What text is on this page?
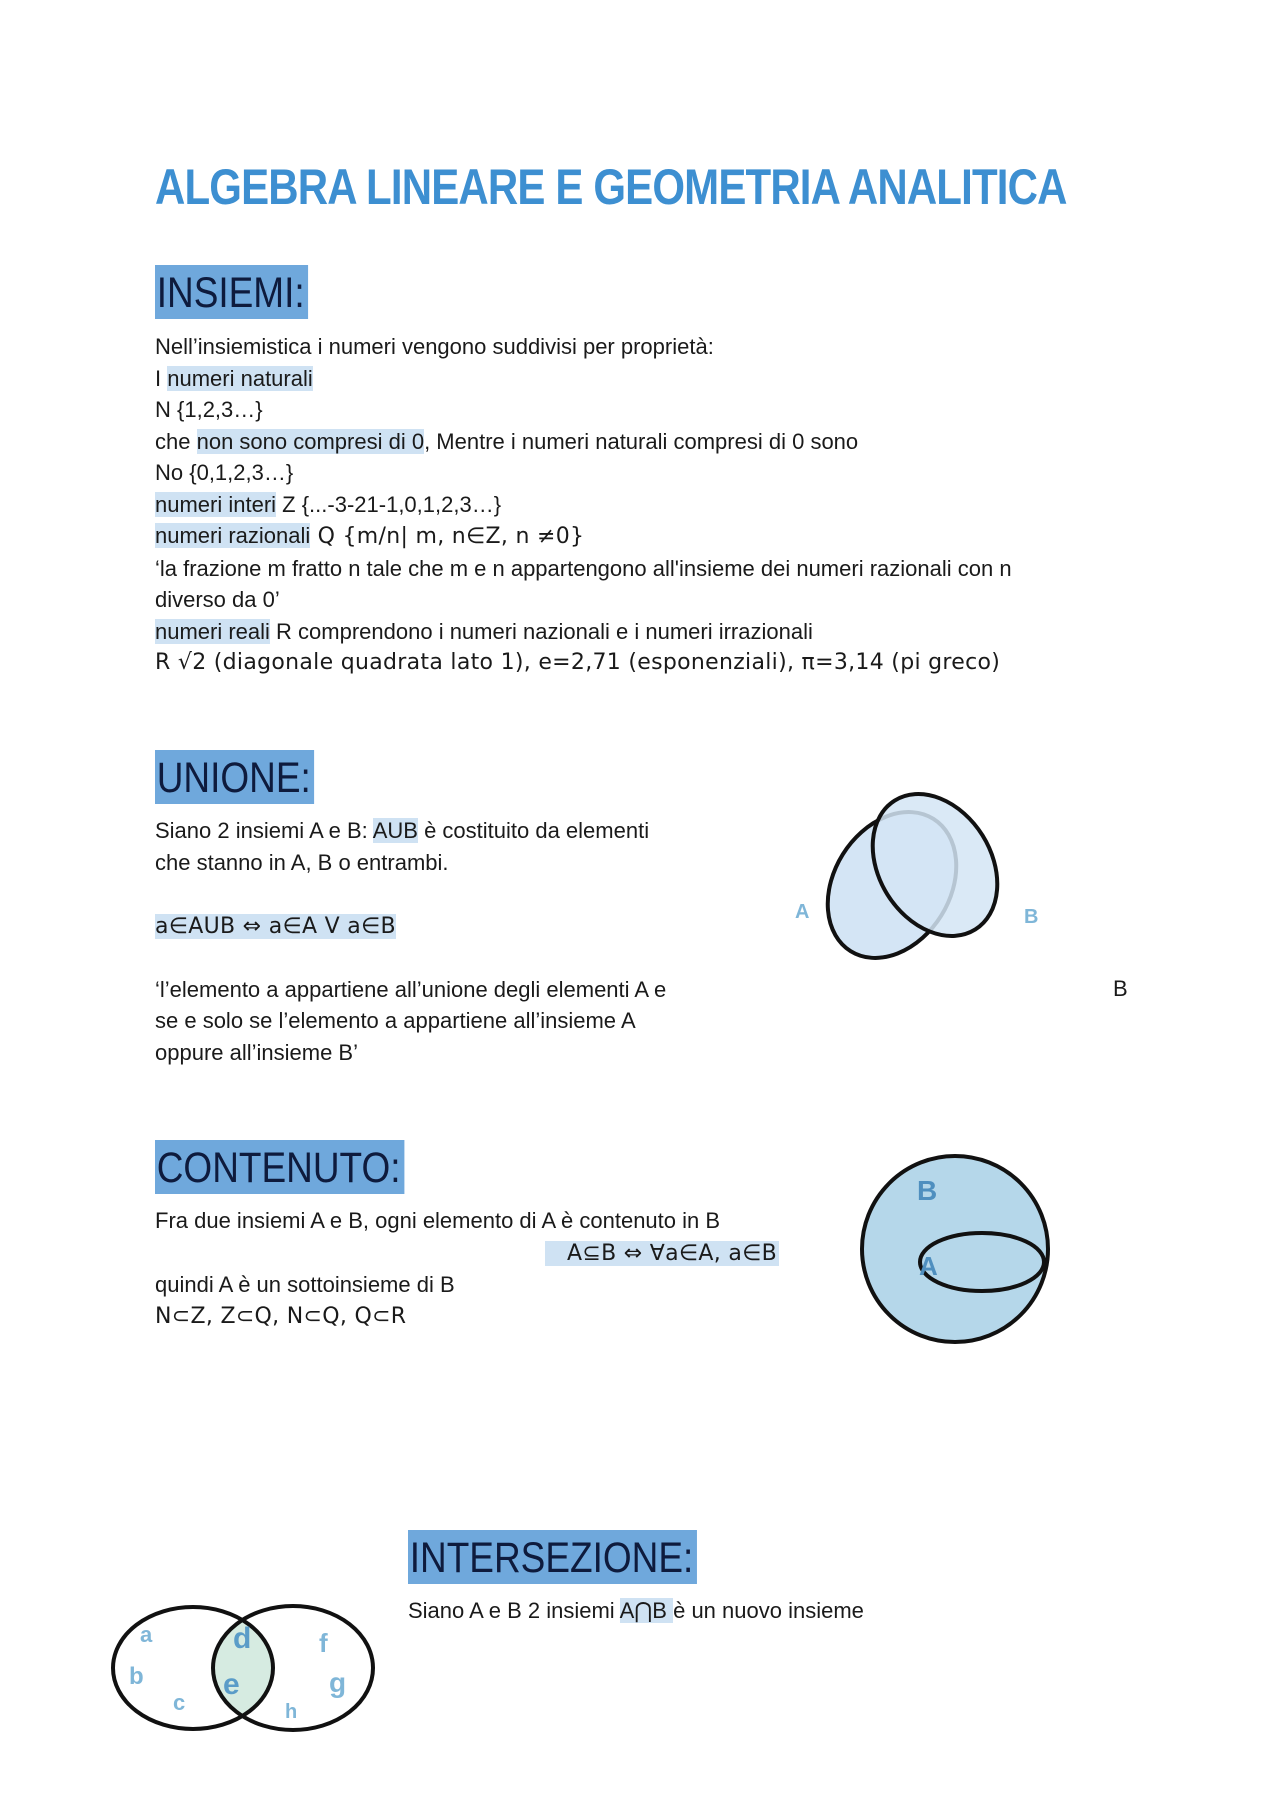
ALGEBRA LINEARE E GEOMETRIA ANALITICA
INSIEMI:
Nell’insiemistica i numeri vengono suddivisi per proprietà:
I numeri naturali
N {1,2,3…}
che non sono compresi di 0, Mentre i numeri naturali compresi di 0 sono
No {0,1,2,3…}
numeri interi Z {...-3-21-1,0,1,2,3…}
numeri razionali Q {m/n| m, n∈Z, n ≠0}
‘la frazione m fratto n tale che m e n appartengono all'insieme dei numeri razionali con n
diverso da 0’
numeri reali R comprendono i numeri nazionali e i numeri irrazionali
R √2 (diagonale quadrata lato 1), e=2,71 (esponenziali), π=3,14 (pi greco)
UNIONE:
Siano 2 insiemi A e B: AUB è costituito da elementi
che stanno in A, B o entrambi.
a∈AUB ⇔ a∈A V a∈B
‘l’elemento a appartiene all’unione degli elementi A e
se e solo se l’elemento a appartiene all’insieme A
oppure all’insieme B’
B
A	B
CONTENUTO:
Fra due insiemi A e B, ogni elemento di A è contenuto in B
A⊆B ⇔ ∀a∈A, a∈B
quindi A è un sottoinsieme di B
N⊂Z, Z⊂Q, N⊂Q, Q⊂R
B
A
INTERSEZIONE:
Siano A e B 2 insiemi A⋂B è un nuovo insieme
a
b
c
d
e
f
g
h
